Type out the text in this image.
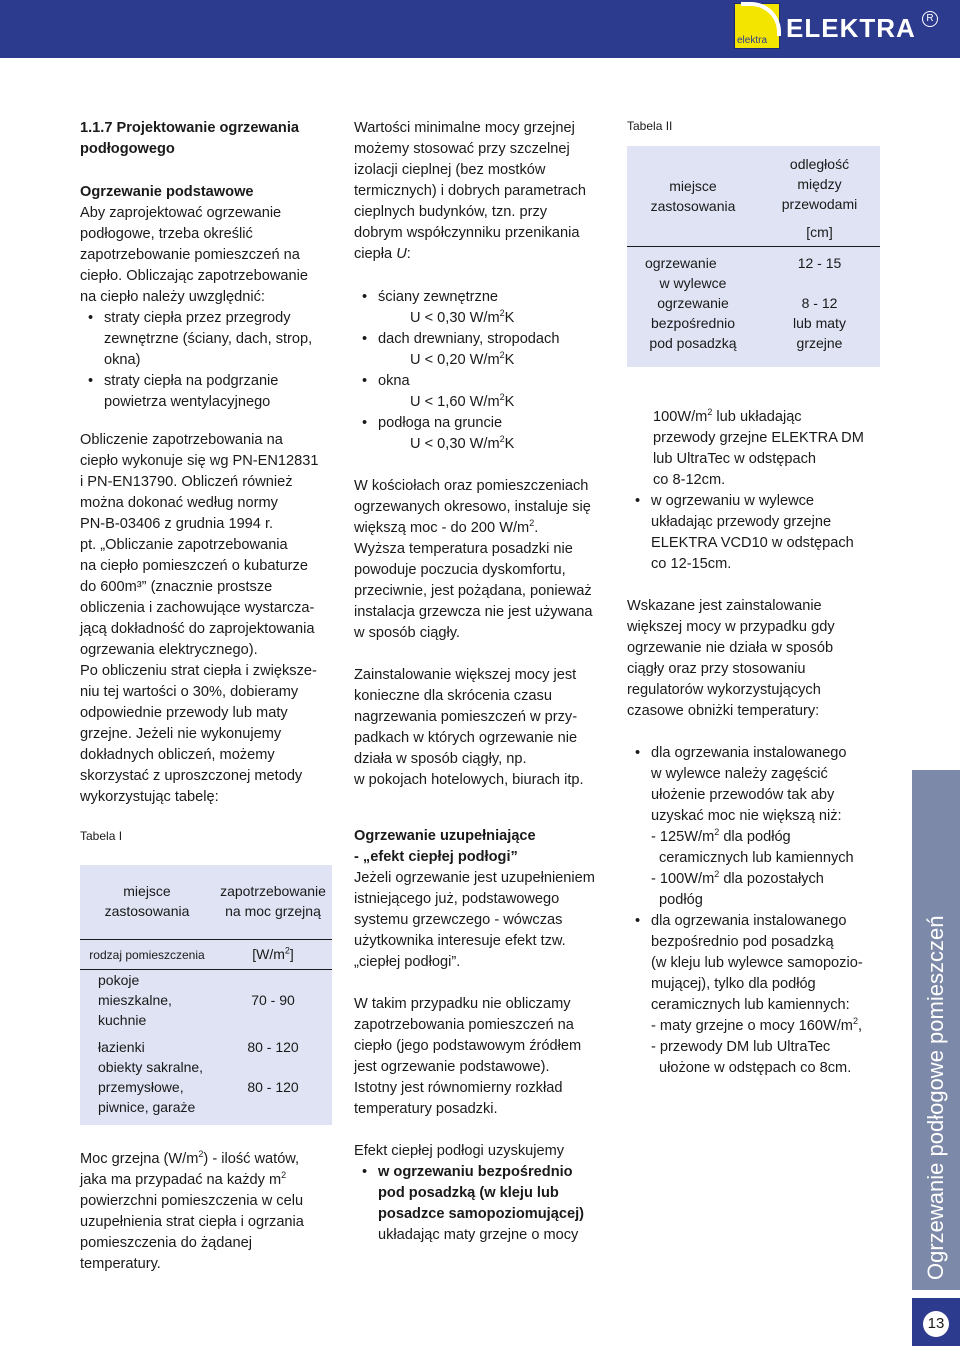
elektra ELEKTRA	R

1.1.7 Projektowanie ogrzewania
podłogowego

Ogrzewanie podstawowe

Aby zaprojektować ogrzewanie
podłogowe, trzeba określić
zapotrzebowanie pomieszczeń na
ciepło. Obliczając zapotrzebowanie
na ciepło należy uwzględnić:

• straty ciepła przez przegrody
zewnętrzne (ściany, dach, strop,
okna)
• straty ciepła na podgrzanie
powietrza wentylacyjnego

Obliczenie zapotrzebowania na
ciepło wykonuje się wg PN-EN12831
i PN-EN13790. Obliczeń również
można dokonać według normy
PN-B-03406 z grudnia 1994 r.
pt. „Obliczanie zapotrzebowania
na ciepło pomieszczeń o kubaturze
do 600m³” (znacznie prostsze
obliczenia i zachowujące wystarcza-
jącą dokładność do zaprojektowania
ogrzewania elektrycznego).
Po obliczeniu strat ciepła i zwiększe-
niu tej wartości o 30%, dobieramy
odpowiednie przewody lub maty
grzejne. Jeżeli nie wykonujemy
dokładnych obliczeń, możemy
skorzystać z uproszczonej metody
wykorzystując tabelę:

Tabela I

miejsce
zastosowania	zapotrzebowanie
na moc grzejną
rodzaj pomieszczenia	$[W/m^2]$
pokoje
mieszkalne,
kuchnie	70 - 90
łazienki	80 - 120
obiekty sakralne,
przemysłowe,
piwnice, garaże	80 - 120

Moc grzejna $(W/m^2)$ - ilość watów,
jaka ma przypadać na każdy $m^2$
powierzchni pomieszczenia w celu
uzupełnienia strat ciepła i ogrzania
pomieszczenia do żądanej
temperatury.

Wartości minimalne mocy grzejnej
możemy stosować przy szczelnej
izolacji cieplnej (bez mostków
termicznych) i dobrych parametrach
cieplnych budynków, tzn. przy
dobrym współczynniku przenikania
ciepła U:

• ściany zewnętrzne
U < 0,30 $W/m^2K$
• dach drewniany, stropodach
U < 0,20 $W/m^2K$
• okna
U < 1,60 $W/m^2K$
• podłoga na gruncie
U < 0,30 $W/m^2K$

W kościołach oraz pomieszczeniach
ogrzewanych okresowo, instaluje się
większą moc - do 200 $W/m^2$.
Wyższa temperatura posadzki nie
powoduje poczucia dyskomfortu,
przeciwnie, jest pożądana, ponieważ
instalacja grzewcza nie jest używana
w sposób ciągły.

Zainstalowanie większej mocy jest
konieczne dla skrócenia czasu
nagrzewania pomieszczeń w przy-
padkach w których ogrzewanie nie
działa w sposób ciągły, np.
w pokojach hotelowych, biurach itp.

Ogrzewanie uzupełniające
- „efekt ciepłej podłogi”

Jeżeli ogrzewanie jest uzupełnieniem
istniejącego już, podstawowego
systemu grzewczego - wówczas
użytkownika interesuje efekt tzw.
„ciepłej podłogi”.

W takim przypadku nie obliczamy
zapotrzebowania pomieszczeń na
ciepło (jego podstawowym źródłem
jest ogrzewanie podstawowe).
Istotny jest równomierny rozkład
temperatury posadzki.

Efekt ciepłej podłogi uzyskujemy

• w ogrzewaniu bezpośrednio
pod posadzką (w kleju lub
posadzce samopoziomującej)
układając maty grzejne o mocy

Tabela II

miejsce
zastosowania	odległość
między
przewodami
[cm]

ogrzewanie
w wylewce	12 - 15
ogrzewanie
bezpośrednio
pod posadzką	8 - 12
lub maty
grzejne

$100W/m^2$ lub układając
przewody grzejne ELEKTRA DM
lub UltraTec w odstępach
co 8-12cm.

• w ogrzewaniu w wylewce
układając przewody grzejne
ELEKTRA VCD10 w odstępach
co 12-15cm.

Wskazane jest zainstalowanie
większej mocy w przypadku gdy
ogrzewanie nie działa w sposób
ciągły oraz przy stosowaniu
regulatorów wykorzystujących
czasowe obniżki temperatury:

• dla ogrzewania instalowanego
w wylewce należy zagęścić
ułożenie przewodów tak aby
uzyskać moc nie większą niż:
- $125W/m^2$ dla podłóg
ceramicznych lub kamiennych
- $100W/m^2$ dla pozostałych
podłóg
• dla ogrzewania instalowanego
bezpośrednio pod posadzką
(w kleju lub wylewce samopozio-
mującej), tylko dla podłóg
ceramicznych lub kamiennych:
- maty grzejne o mocy $160W/m^2$,
- przewody DM lub UltraTec
ułożone w odstępach co 8cm.	Ogrzewanie podłogowe pomieszczeń
13
